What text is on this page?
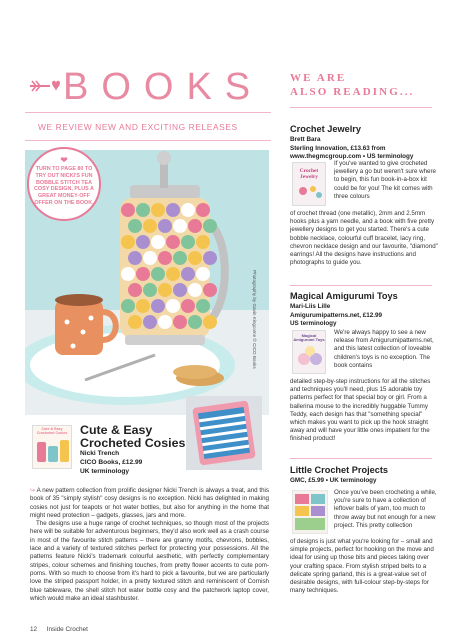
BOOKS
WE REVIEW NEW AND EXCITING RELEASES
Photography by Gavin Kingcome © CICO Books
❤
TURN TO PAGE 80 TO TRY OUT NICKI'S FUN BOBBLE STITCH TEA COSY DESIGN, PLUS A GREAT MONEY-OFF OFFER ON THE BOOK.
Cute & Easy Crocheted Cosies Cute & Easy
Crocheted Cosies
Nicki Trench
CICO Books, £12.99
UK terminology

↪ A new pattern collection from prolific designer Nicki Trench is always a treat, and this book of 35 "simply stylish" cosy designs is no exception. Nicki has delighted in making cosies not just for teapots or hot water bottles, but also for anything in the home that might need protection – gadgets, glasses, jars and more.

The designs use a huge range of crochet techniques, so though most of the projects here will be suitable for adventurous beginners, they'd also work well as a crash course in most of the favourite stitch patterns – there are granny motifs, chevrons, bobbles, lace and a variety of textured stitches perfect for protecting your possessions. All the patterns feature Nicki's trademark colourful aesthetic, with perfectly complementary stripes, colour schemes and finishing touches, from pretty flower accents to cute pom-poms. With so much to choose from it's hard to pick a favourite, but we are particularly love the striped passport holder, in a pretty textured stitch and reminiscent of Cornish blue tableware, the shell stitch hot water bottle cosy and the patchwork laptop cover, which would make an ideal stashbuster.

WE ARE
ALSO READING...
Crochet Jewelry
Brett Bara
Sterling Innovation, £13.63 from
www.thegmcgroup.com • US terminology
Crochet Jewelry
If you've wanted to give crocheted jewellery a go but weren't sure where to begin, this fun book-in-a-box kit could be for you! The kit comes with three colours
of crochet thread (one metallic), 2mm and 2.5mm hooks plus a yarn needle, and a book with five pretty jewellery designs to get you started. There's a cute bobble necklace, colourful cuff bracelet, lacy ring, chevron necklace design and our favourite, "diamond" earrings! All the designs have instructions and photographs to guide you.
Magical Amigurumi Toys
Mari-Liis Lille
Amigurumipatterns.net, £12.99
US terminology
Magical Amigurumi Toys
We're always happy to see a new release from Amigurumipatterns.net, and this latest collection of loveable children's toys is no exception. The book contains
detailed step-by-step instructions for all the stitches and techniques you'll need, plus 15 adorable toy patterns perfect for that special boy or girl. From a ballerina mouse to the incredibly huggable Tummy Teddy, each design has that "something special" which makes you want to pick up the hook straight away and will have your little ones impatient for the finished product!
Little Crochet Projects
GMC, £5.99 • UK terminology
Once you've been crocheting a while, you're sure to have a collection of leftover balls of yarn, too much to throw away but not enough for a new project. This pretty collection
of designs is just what you're looking for – small and simple projects, perfect for hooking on the move and ideal for using up those bits and pieces taking over your crafting space. From stylish striped belts to a delicate spring garland, this is a great-value set of desirable designs, with full-colour step-by-steps for many techniques.
12 Inside Crochet
